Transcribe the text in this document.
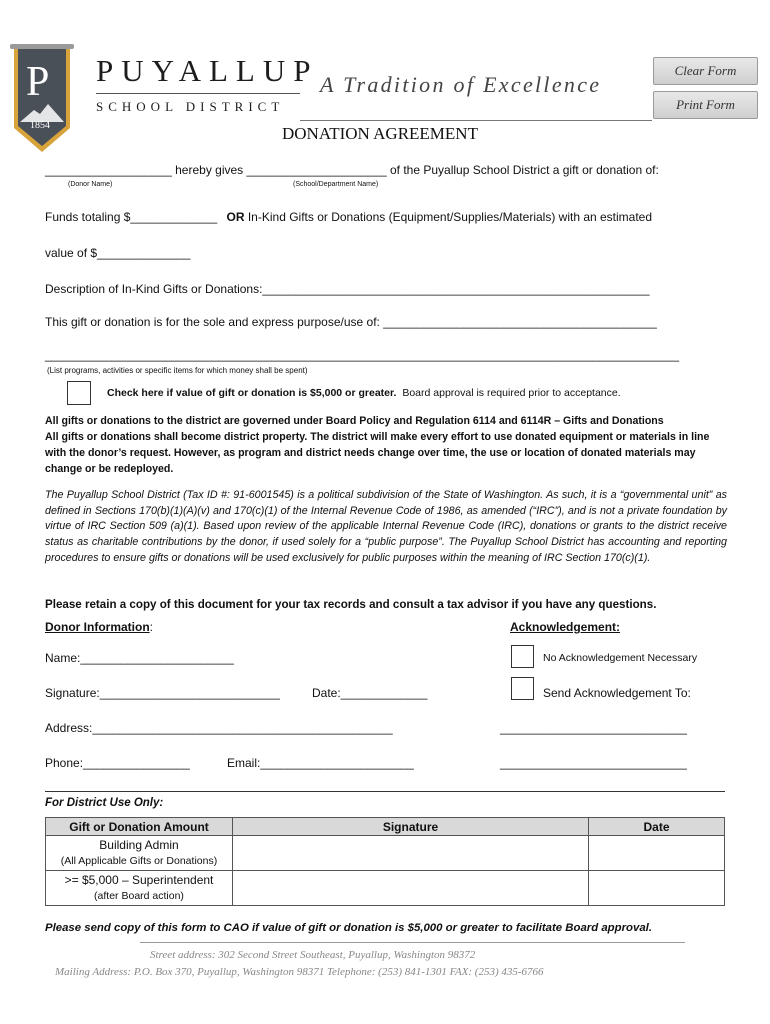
P
1854
PUYALLUP
SCHOOL DISTRICT
A Tradition of Excellence
Clear Form
Print Form
DONATION AGREEMENT
___________________ hereby gives _____________________ of the Puyallup School District a gift or donation of:
(Donor Name)	(School/Department Name)
Funds totaling $_____________ OR In-Kind Gifts or Donations (Equipment/Supplies/Materials) with an estimated
value of $______________
Description of In-Kind Gifts or Donations:__________________________________________________________
This gift or donation is for the sole and express purpose/use of: _________________________________________
_______________________________________________________________________________________________
(List programs, activities or specific items for which money shall be spent)
Check here if value of gift or donation is $5,000 or greater. Board approval is required prior to acceptance.

All gifts or donations to the district are governed under Board Policy and Regulation 6114 and 6114R – Gifts and Donations

All gifts or donations shall become district property. The district will make every effort to use donated equipment or materials in line with the donor’s request. However, as program and district needs change over time, the use or location of donated materials may change or be redeployed.

The Puyallup School District (Tax ID #: 91-6001545) is a political subdivision of the State of Washington. As such, it is a “governmental unit” as defined in Sections 170(b)(1)(A)(v) and 170(c)(1) of the Internal Revenue Code of 1986, as amended (“IRC”), and is not a private foundation by virtue of IRC Section 509 (a)(1). Based upon review of the applicable Internal Revenue Code (IRC), donations or grants to the district receive status as charitable contributions by the donor, if used solely for a “public purpose”. The Puyallup School District has accounting and reporting procedures to ensure gifts or donations will be used exclusively for public purposes within the meaning of IRC Section 170(c)(1).
Please retain a copy of this document for your tax records and consult a tax advisor if you have any questions.
Donor Information:	Acknowledgement:
Name:_______________________	No Acknowledgement Necessary
Signature:___________________________	Date:_____________	Send Acknowledgement To:
Address:_____________________________________________	____________________________
Phone:________________	Email:_______________________	____________________________
For District Use Only:
Gift or Donation Amount	Signature	Date

Building Admin
(All Applicable Gifts or Donations)		

>= $5,000 – Superintendent
(after Board action)		

Please send copy of this form to CAO if value of gift or donation is $5,000 or greater to facilitate Board approval.
Street address: 302 Second Street Southeast, Puyallup, Washington 98372
Mailing Address: P.O. Box 370, Puyallup, Washington 98371 Telephone: (253) 841-1301 FAX: (253) 435-6766
